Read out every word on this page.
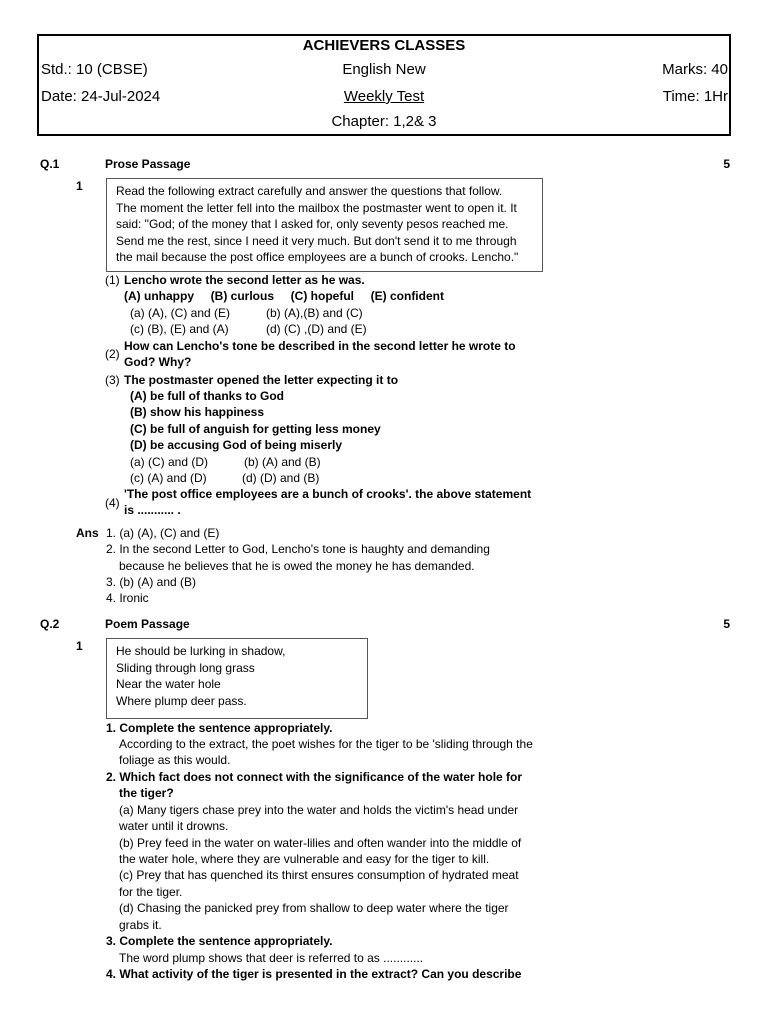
ACHIEVERS CLASSES
Std.: 10 (CBSE)	English New	Marks: 40
Date: 24-Jul-2024	Weekly Test	Time: 1Hr
Chapter: 1,2& 3
Q.1	Prose Passage	5
1	Read the following extract carefully and answer the questions that follow.
The moment the letter fell into the mailbox the postmaster went to open it. It
said: "God; of the money that I asked for, only seventy pesos reached me.
Send me the rest, since I need it very much. But don't send it to me through
the mail because the post office employees are a bunch of crooks. Lencho."
(1) Lencho wrote the second letter as he was.
(A) unhappy     (B) curlous     (C) hopeful     (E) confident
(a) (A), (C) and (E)	(b) (A),(B) and (C)
(c) (B), (E) and (A)	(d) (C) ,(D) and (E)
(2)
How can Lencho's tone be described in the second letter he wrote to
God? Why?
(3) The postmaster opened the letter expecting it to
(A) be full of thanks to God
(B) show his happiness
(C) be full of anguish for getting less money
(D) be accusing God of being miserly
(a) (C) and (D)	(b) (A) and (B)
(c) (A) and (D)	(d) (D) and (B)
(4)
'The post office employees are a bunch of crooks'. the above statement
is ........... .
Ans 1. (a) (A), (C) and (E)
2. In the second Letter to God, Lencho's tone is haughty and demanding
because he believes that he is owed the money he has demanded.
3. (b) (A) and (B)
4. Ironic
Q.2	Poem Passage	5
1	He should be lurking in shadow,
Sliding through long grass
Near the water hole
Where plump deer pass.
1. Complete the sentence appropriately.
According to the extract, the poet wishes for the tiger to be 'sliding through the
foliage as this would.
2. Which fact does not connect with the significance of the water hole for
the tiger?
(a) Many tigers chase prey into the water and holds the victim's head under
water until it drowns.
(b) Prey feed in the water on water-lilies and often wander into the middle of
the water hole, where they are vulnerable and easy for the tiger to kill.
(c) Prey that has quenched its thirst ensures consumption of hydrated meat
for the tiger.
(d) Chasing the panicked prey from shallow to deep water where the tiger
grabs it.
3. Complete the sentence appropriately.
The word plump shows that deer is referred to as ............
4. What activity of the tiger is presented in the extract? Can you describe
